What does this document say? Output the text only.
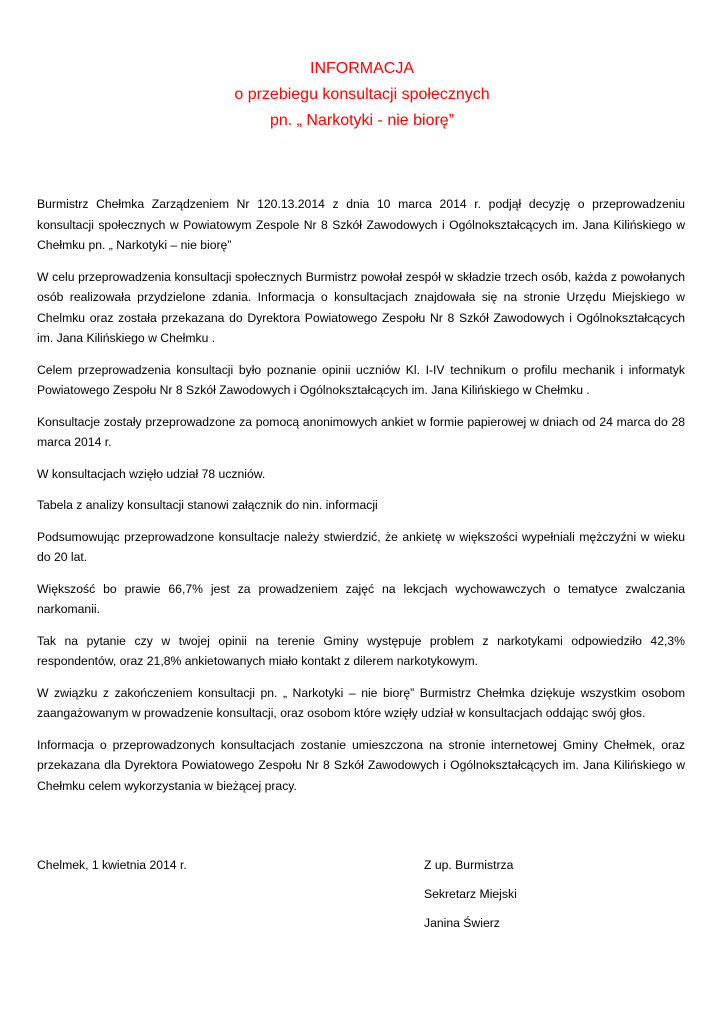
INFORMACJA

o przebiegu konsultacji społecznych

pn. „ Narkotyki - nie biorę”

Burmistrz Chełmka Zarządzeniem Nr 120.13.2014 z dnia 10 marca 2014 r. podjął decyzję o przeprowadzeniu konsultacji społecznych w Powiatowym Zespole Nr 8 Szkół Zawodowych i Ogólnokształcących im. Jana Kilińskiego w Chełmku pn. „ Narkotyki – nie biorę”

W celu przeprowadzenia konsultacji społecznych Burmistrz powołał zespół w składzie trzech osób, każda z powołanych osób realizowała przydzielone zdania. Informacja o konsultacjach znajdowała się na stronie Urzędu Miejskiego w Chelmku oraz została przekazana do Dyrektora Powiatowego Zespołu Nr 8 Szkół Zawodowych i Ogólnokształcących im. Jana Kilińskiego w Chełmku .

Celem przeprowadzenia konsultacji było poznanie opinii uczniów Kl. I-IV technikum o profilu mechanik i informatyk Powiatowego Zespołu Nr 8 Szkół Zawodowych i Ogólnokształcących im. Jana Kilińskiego w Chełmku .

Konsultacje zostały przeprowadzone za pomocą anonimowych ankiet w formie papierowej w dniach od 24 marca do 28 marca 2014 r.

W konsultacjach wzięło udział 78 uczniów.

Tabela z analizy konsultacji stanowi załącznik do nin. informacji

Podsumowując przeprowadzone konsultacje należy stwierdzić, że ankietę w większości wypełniali mężczyźni w wieku do 20 lat.

Większość bo prawie 66,7% jest za prowadzeniem zajęć na lekcjach wychowawczych o tematyce zwalczania narkomanii.

Tak na pytanie czy w twojej opinii na terenie Gminy występuje problem z narkotykami odpowiedziło 42,3% respondentów, oraz 21,8% ankietowanych miało kontakt z dilerem narkotykowym.

W związku z zakończeniem konsultacji pn. „ Narkotyki – nie biorę” Burmistrz Chełmka dziękuje wszystkim osobom zaangażowanym w prowadzenie konsultacji, oraz osobom które wzięły udział w konsultacjach oddając swój głos.

Informacja o przeprowadzonych konsultacjach zostanie umieszczona na stronie internetowej Gminy Chełmek, oraz przekazana dla Dyrektora Powiatowego Zespołu Nr 8 Szkół Zawodowych i Ogólnokształcących im. Jana Kilińskiego w Chełmku celem wykorzystania w bieżącej pracy.

Chelmek, 1 kwietnia 2014 r.	Z up. Burmistrza

Sekretarz Miejski

Janina Świerz
